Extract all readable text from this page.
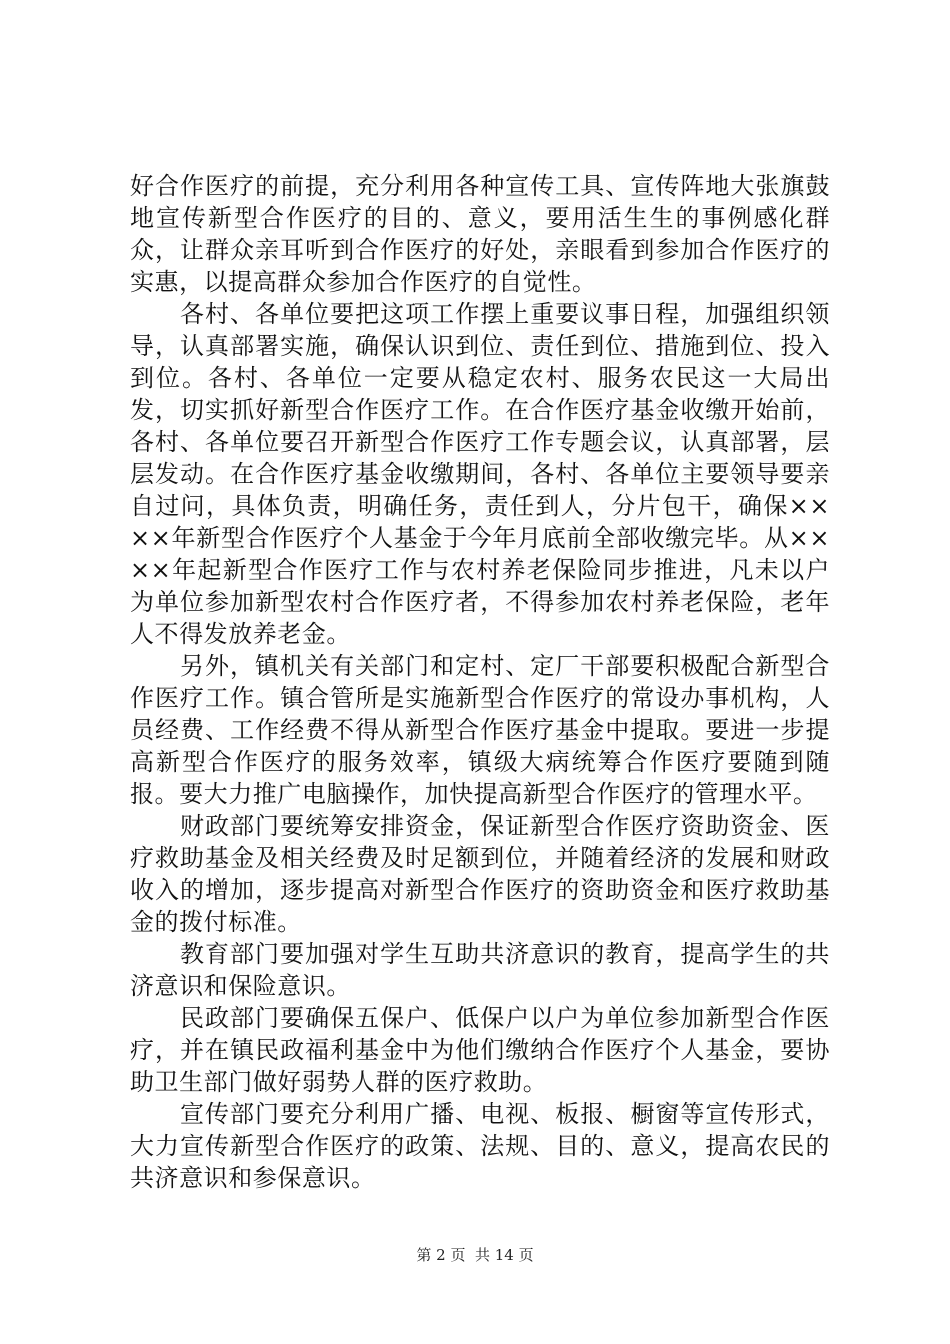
好合作医疗的前提，充分利用各种宣传工具、宣传阵地大张旗鼓地宣传新型合作医疗的目的、意义，要用活生生的事例感化群众，让群众亲耳听到合作医疗的好处，亲眼看到参加合作医疗的实惠，以提高群众参加合作医疗的自觉性。

各村、各单位要把这项工作摆上重要议事日程，加强组织领导，认真部署实施，确保认识到位、责任到位、措施到位、投入到位。各村、各单位一定要从稳定农村、服务农民这一大局出发，切实抓好新型合作医疗工作。在合作医疗基金收缴开始前，各村、各单位要召开新型合作医疗工作专题会议，认真部署，层层发动。在合作医疗基金收缴期间，各村、各单位主要领导要亲自过问，具体负责，明确任务，责任到人，分片包干，确保××××年新型合作医疗个人基金于今年月底前全部收缴完毕。从××××年起新型合作医疗工作与农村养老保险同步推进，凡未以户为单位参加新型农村合作医疗者，不得参加农村养老保险，老年人不得发放养老金。

另外，镇机关有关部门和定村、定厂干部要积极配合新型合作医疗工作。镇合管所是实施新型合作医疗的常设办事机构，人员经费、工作经费不得从新型合作医疗基金中提取。要进一步提高新型合作医疗的服务效率，镇级大病统筹合作医疗要随到随报。要大力推广电脑操作，加快提高新型合作医疗的管理水平。

财政部门要统筹安排资金，保证新型合作医疗资助资金、医疗救助基金及相关经费及时足额到位，并随着经济的发展和财政收入的增加，逐步提高对新型合作医疗的资助资金和医疗救助基金的拨付标准。

教育部门要加强对学生互助共济意识的教育，提高学生的共济意识和保险意识。

民政部门要确保五保户、低保户以户为单位参加新型合作医疗，并在镇民政福利基金中为他们缴纳合作医疗个人基金，要协助卫生部门做好弱势人群的医疗救助。

宣传部门要充分利用广播、电视、板报、橱窗等宣传形式，大力宣传新型合作医疗的政策、法规、目的、意义，提高农民的共济意识和参保意识。

第 2 页  共 14 页
